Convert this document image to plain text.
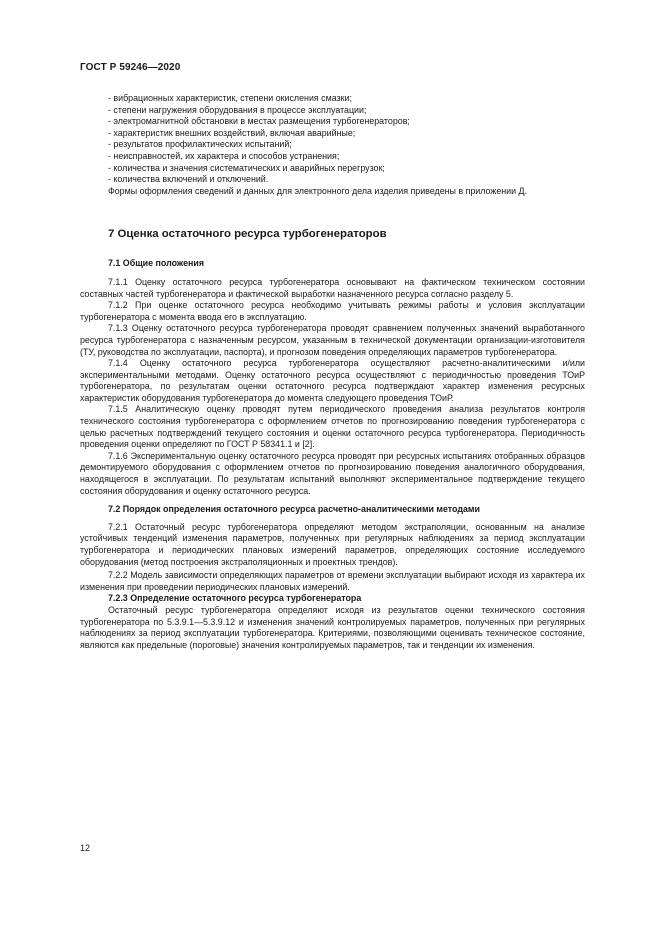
ГОСТ Р 59246—2020

- вибрационных характеристик, степени окисления смазки;

- степени нагружения оборудования в процессе эксплуатации;

- электромагнитной обстановки в местах размещения турбогенераторов;

- характеристик внешних воздействий, включая аварийные;

- результатов профилактических испытаний;

- неисправностей, их характера и способов устранения;

- количества и значения систематических и аварийных перегрузок;

- количества включений и отключений.

Формы оформления сведений и данных для электронного дела изделия приведены в приложении Д.

7 Оценка остаточного ресурса турбогенераторов

7.1 Общие положения

7.1.1 Оценку остаточного ресурса турбогенератора основывают на фактическом техническом состоянии составных частей турбогенератора и фактической выработки назначенного ресурса согласно разделу 5.

7.1.2 При оценке остаточного ресурса необходимо учитывать режимы работы и условия эксплуатации турбогенератора с момента ввода его в эксплуатацию.

7.1.3 Оценку остаточного ресурса турбогенератора проводят сравнением полученных значений выработанного ресурса турбогенератора с назначенным ресурсом, указанным в технической документации организации-изготовителя (ТУ, руководства по эксплуатации, паспорта), и прогнозом поведения определяющих параметров турбогенератора.

7.1.4 Оценку остаточного ресурса турбогенератора осуществляют расчетно-аналитическими и/или экспериментальными методами. Оценку остаточного ресурса осуществляют с периодичностью проведения ТОиР турбогенератора, по результатам оценки остаточного ресурса подтверждают характер изменения ресурсных характеристик оборудования турбогенератора до момента следующего проведения ТОиР.

7.1.5 Аналитическую оценку проводят путем периодического проведения анализа результатов контроля технического состояния турбогенератора с оформлением отчетов по прогнозированию поведения турбогенератора с целью расчетных подтверждений текущего состояния и оценки остаточного ресурса турбогенератора. Периодичность проведения оценки определяют по ГОСТ Р 58341.1 и [2].

7.1.6 Экспериментальную оценку остаточного ресурса проводят при ресурсных испытаниях отобранных образцов демонтируемого оборудования с оформлением отчетов по прогнозированию поведения аналогичного оборудования, находящегося в эксплуатации. По результатам испытаний выполняют экспериментальное подтверждение текущего состояния оборудования и оценку остаточного ресурса.

7.2 Порядок определения остаточного ресурса расчетно-аналитическими методами

7.2.1 Остаточный ресурс турбогенератора определяют методом экстраполяции, основанным на анализе устойчивых тенденций изменения параметров, полученных при регулярных наблюдениях за период эксплуатации турбогенератора и периодических плановых измерений параметров, определяющих состояние исследуемого оборудования (метод построения экстраполяционных и проектных трендов).

7.2.2 Модель зависимости определяющих параметров от времени эксплуатации выбирают исходя из характера их изменения при проведении периодических плановых измерений.

7.2.3 Определение остаточного ресурса турбогенератора

Остаточный ресурс турбогенератора определяют исходя из результатов оценки технического состояния турбогенератора по 5.3.9.1—5.3.9.12 и изменения значений контролируемых параметров, полученных при регулярных наблюдениях за период эксплуатации турбогенератора. Критериями, позволяющими оценивать техническое состояние, являются как предельные (пороговые) значения контролируемых параметров, так и тенденции их изменения.

12
